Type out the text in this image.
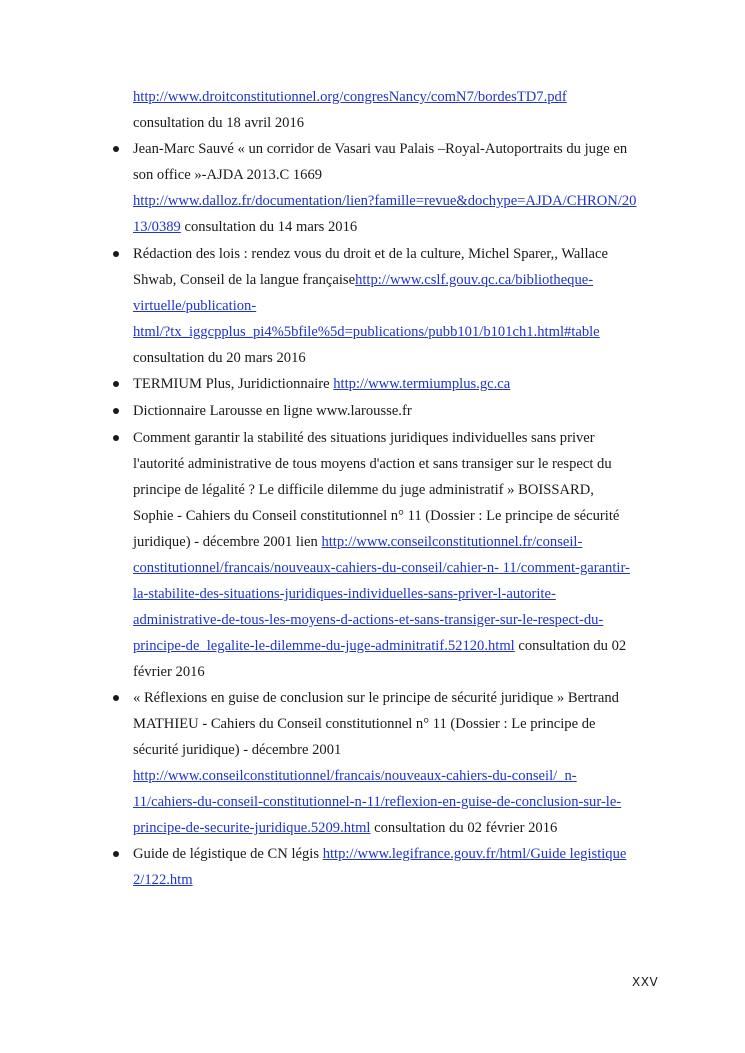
http://www.droitconstitutionnel.org/congresNancy/comN7/bordesTD7.pdf
consultation du 18 avril 2016
Jean-Marc Sauvé « un corridor de Vasari vau Palais –Royal-Autoportraits du juge en
son office »-AJDA 2013.C 1669
http://www.dalloz.fr/documentation/lien?famille=revue&dochype=AJDA/CHRON/20
13/0389 consultation du 14 mars 2016
Rédaction des lois : rendez vous du droit et de la culture, Michel Sparer,, Wallace
Shwab, Conseil de la langue françaisehttp://www.cslf.gouv.qc.ca/bibliotheque-
virtuelle/publication-
html/?tx_iggcpplus_pi4%5bfile%5d=publications/pubb101/b101ch1.html#table
consultation du 20 mars 2016
TERMIUM Plus, Juridictionnaire http://www.termiumplus.gc.ca
Dictionnaire Larousse en ligne www.larousse.fr
Comment garantir la stabilité des situations juridiques individuelles sans priver
l'autorité administrative de tous moyens d'action et sans transiger sur le respect du
principe de légalité ? Le difficile dilemme du juge administratif » BOISSARD,
Sophie - Cahiers du Conseil constitutionnel n° 11 (Dossier : Le principe de sécurité
juridique) - décembre 2001 lien http://www.conseilconstitutionnel.fr/conseil-
constitutionnel/francais/nouveaux-cahiers-du-conseil/cahier-n- 11/comment-garantir-
la-stabilite-des-situations-juridiques-individuelles-sans-priver-l-autorite-
administrative-de-tous-les-moyens-d-actions-et-sans-transiger-sur-le-respect-du-
principe-de_legalite-le-dilemme-du-juge-adminitratif.52120.html consultation du 02
février 2016
« Réflexions en guise de conclusion sur le principe de sécurité juridique » Bertrand
MATHIEU - Cahiers du Conseil constitutionnel n° 11 (Dossier : Le principe de
sécurité juridique) - décembre 2001
http://www.conseilconstitutionnel/francais/nouveaux-cahiers-du-conseil/_n-
11/cahiers-du-conseil-constitutionnel-n-11/reflexion-en-guise-de-conclusion-sur-le-
principe-de-securite-juridique.5209.html consultation du 02 février 2016
Guide de légistique de CN légis http://www.legifrance.gouv.fr/html/Guide legistique
2/122.htm
XXV
